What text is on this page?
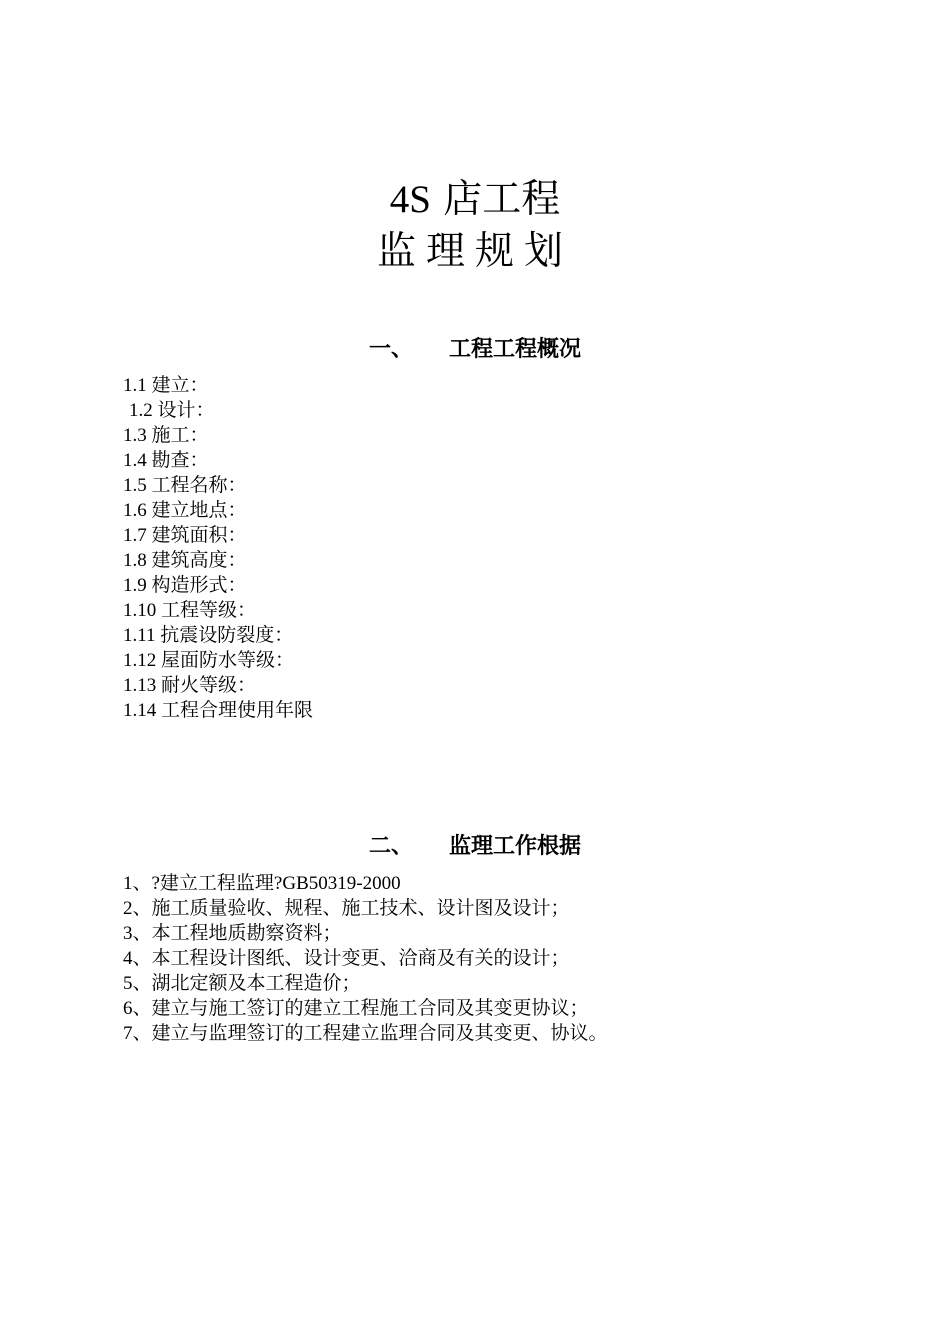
4S 店工程
监理规划
一、 工程工程概况
1.1 建立：
1.2 设计：
1.3 施工：
1.4 勘查：
1.5 工程名称：
1.6 建立地点：
1.7 建筑面积：
1.8 建筑高度：
1.9 构造形式：
1.10 工程等级：
1.11 抗震设防裂度：
1.12 屋面防水等级：
1.13 耐火等级：
1.14 工程合理使用年限
二、 监理工作根据
1、?建立工程监理?GB50319-2000
2、施工质量验收、规程、施工技术、设计图及设计；
3、本工程地质勘察资料；
4、本工程设计图纸、设计变更、洽商及有关的设计；
5、湖北定额及本工程造价；
6、建立与施工签订的建立工程施工合同及其变更协议；
7、建立与监理签订的工程建立监理合同及其变更、协议。
